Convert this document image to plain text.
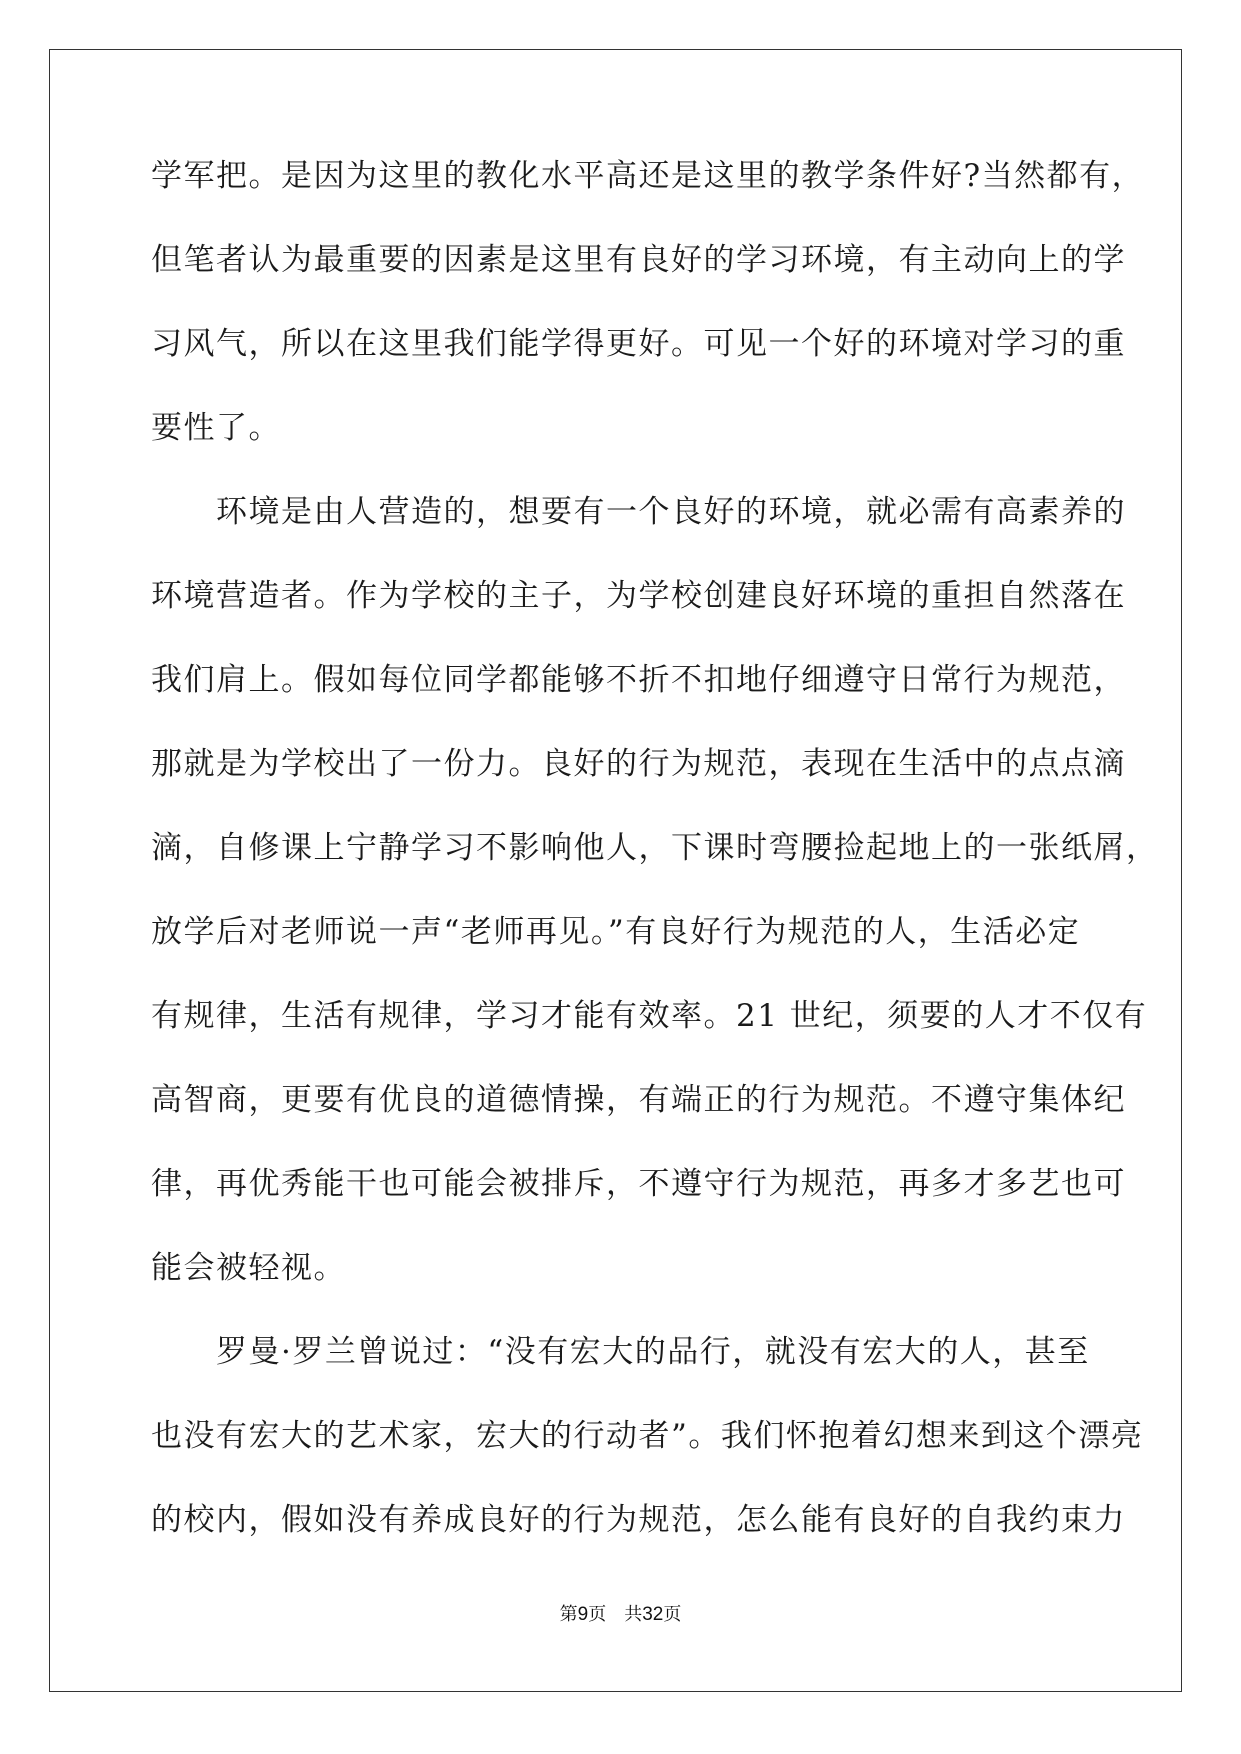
学军把。是因为这里的教化水平高还是这里的教学条件好?当然都有，
但笔者认为最重要的因素是这里有良好的学习环境，有主动向上的学
习风气，所以在这里我们能学得更好。可见一个好的环境对学习的重
要性了。
　　环境是由人营造的，想要有一个良好的环境，就必需有高素养的
环境营造者。作为学校的主子，为学校创建良好环境的重担自然落在
我们肩上。假如每位同学都能够不折不扣地仔细遵守日常行为规范，
那就是为学校出了一份力。良好的行为规范，表现在生活中的点点滴
滴，自修课上宁静学习不影响他人，下课时弯腰捡起地上的一张纸屑，
放学后对老师说一声“老师再见。”有良好行为规范的人，生活必定
有规律，生活有规律，学习才能有效率。21 世纪，须要的人才不仅有
高智商，更要有优良的道德情操，有端正的行为规范。不遵守集体纪
律，再优秀能干也可能会被排斥，不遵守行为规范，再多才多艺也可
能会被轻视。
　　罗曼·罗兰曾说过：“没有宏大的品行，就没有宏大的人，甚至
也没有宏大的艺术家，宏大的行动者”。我们怀抱着幻想来到这个漂亮
的校内，假如没有养成良好的行为规范，怎么能有良好的自我约束力
第9页 共32页
